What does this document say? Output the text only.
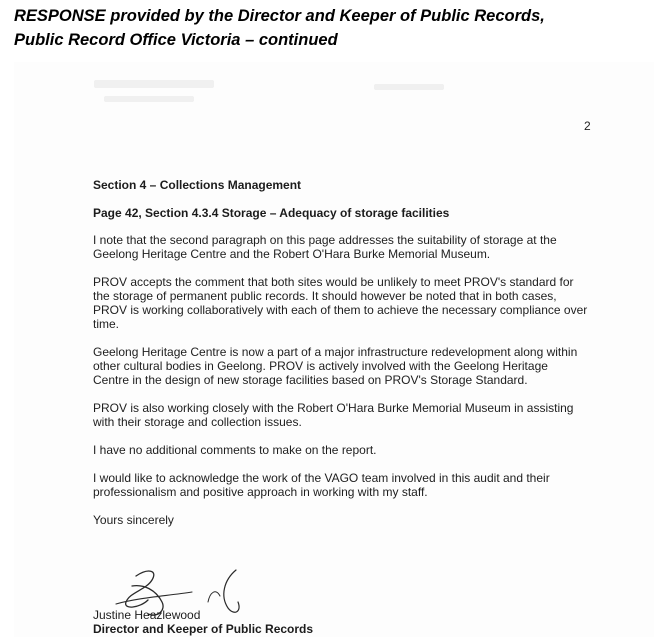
RESPONSE provided by the Director and Keeper of Public Records,
Public Record Office Victoria – continued
2
Section 4 – Collections Management
Page 42, Section 4.3.4 Storage – Adequacy of storage facilities
I note that the second paragraph on this page addresses the suitability of storage at the
Geelong Heritage Centre and the Robert O'Hara Burke Memorial Museum.
PROV accepts the comment that both sites would be unlikely to meet PROV's standard for
the storage of permanent public records. It should however be noted that in both cases,
PROV is working collaboratively with each of them to achieve the necessary compliance over
time.
Geelong Heritage Centre is now a part of a major infrastructure redevelopment along within
other cultural bodies in Geelong. PROV is actively involved with the Geelong Heritage
Centre in the design of new storage facilities based on PROV's Storage Standard.
PROV is also working closely with the Robert O'Hara Burke Memorial Museum in assisting
with their storage and collection issues.
I have no additional comments to make on the report.
I would like to acknowledge the work of the VAGO team involved in this audit and their
professionalism and positive approach in working with my staff.
Yours sincerely
Justine Heazlewood
Director and Keeper of Public Records
